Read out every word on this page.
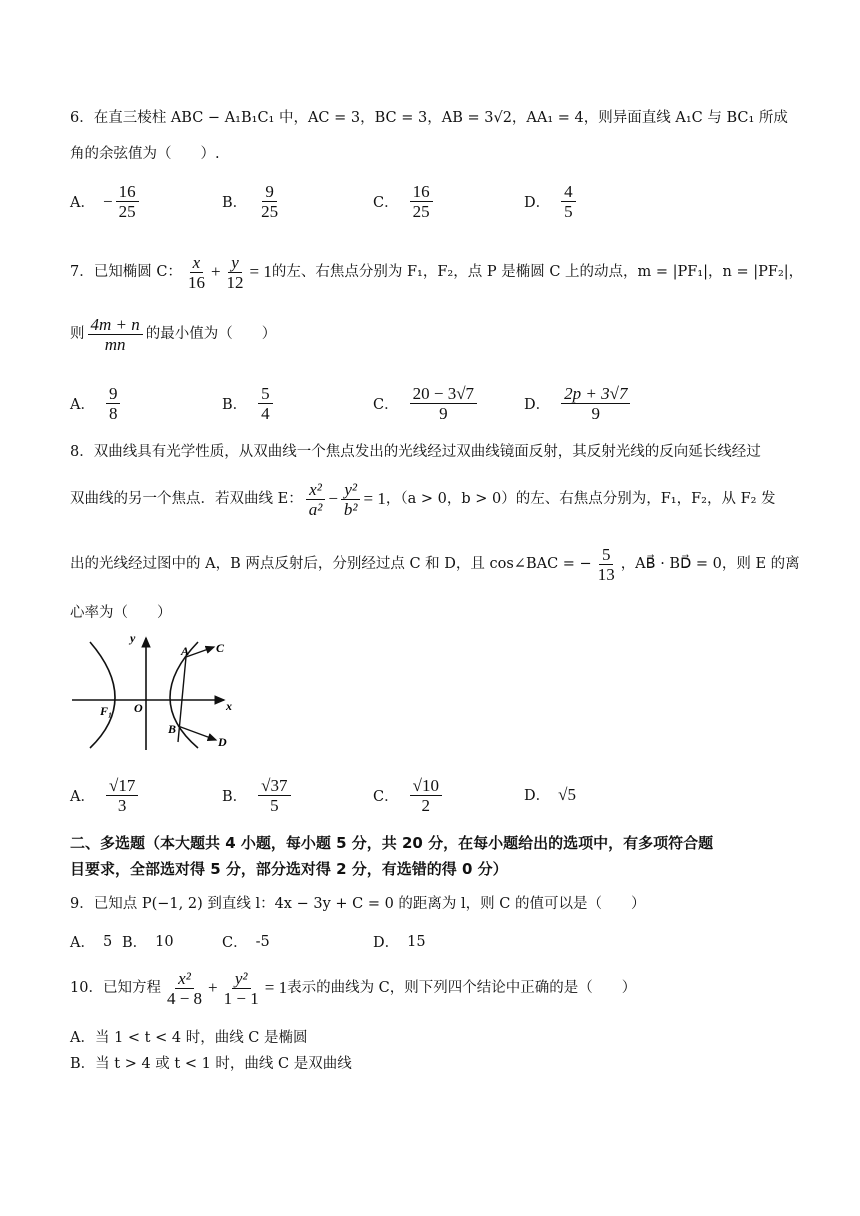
6．在直三棱柱 ABC − A₁B₁C₁ 中，AC = 3，BC = 3，AB = 3√2，AA₁ = 4，则异面直线 A₁C 与 BC₁ 所成
角的余弦值为（　　）.
A． − $\frac{16}{25}$	B． $\frac{9}{25}$	C． $\frac{16}{25}$	D． $\frac{4}{5}$
7．已知椭圆 C： $\frac{x}{16} + \frac{y}{12} = 1$ 的左、右焦点分别为 F₁，F₂，点 P 是椭圆 C 上的动点，m = |PF₁|，n = |PF₂|，
则 $\frac{4m + n}{mn}$ 的最小值为（　　）
A． $\frac{9}{8}$	B． $\frac{5}{4}$	C． $\frac{20 - 3√7}{9}$	D． $\frac{2p + 3√7}{9}$
8．双曲线具有光学性质，从双曲线一个焦点发出的光线经过双曲线镜面反射，其反射光线的反向延长线经过
双曲线的另一个焦点．若双曲线 E： $\frac{\text{x²}}{\text{a²}} - \frac{\text{y²}}{\text{b²}} = 1$ ，（a > 0，b > 0）的左、右焦点分别为，F₁，F₂，从 F₂ 发
出的光线经过图中的 A，B 两点反射后，分别经过点 C 和 D，且 cos∠BAC = − $\frac{5}{13}$ ，AB⃗ · BD⃗ = 0，则 E 的离
心率为（　　）
y
x
O
F₁
A
B
C
D
A． $\frac{√17}{3}$	B． $\frac{√37}{5}$	C． $\frac{√10}{2}$	D． √5
二、多选题（本大题共 4 小题，每小题 5 分，共 20 分，在每小题给出的选项中，有多项符合题
目要求，全部选对得 5 分，部分选对得 2 分，有选错的得 0 分）
9．已知点 P(−1, 2) 到直线 l：4x − 3y + C = 0 的距离为 l，则 C 的值可以是（　　）
A． 5 B． 10	C． -5	D． 15
10．已知方程 $\frac{\text{x²}}{4 - 8} + \frac{\text{y²}}{1 - 1} = 1$ 表示的曲线为 C，则下列四个结论中正确的是（　　）
A．当 1 < t < 4 时，曲线 C 是椭圆
B．当 t > 4 或 t < 1 时，曲线 C 是双曲线
